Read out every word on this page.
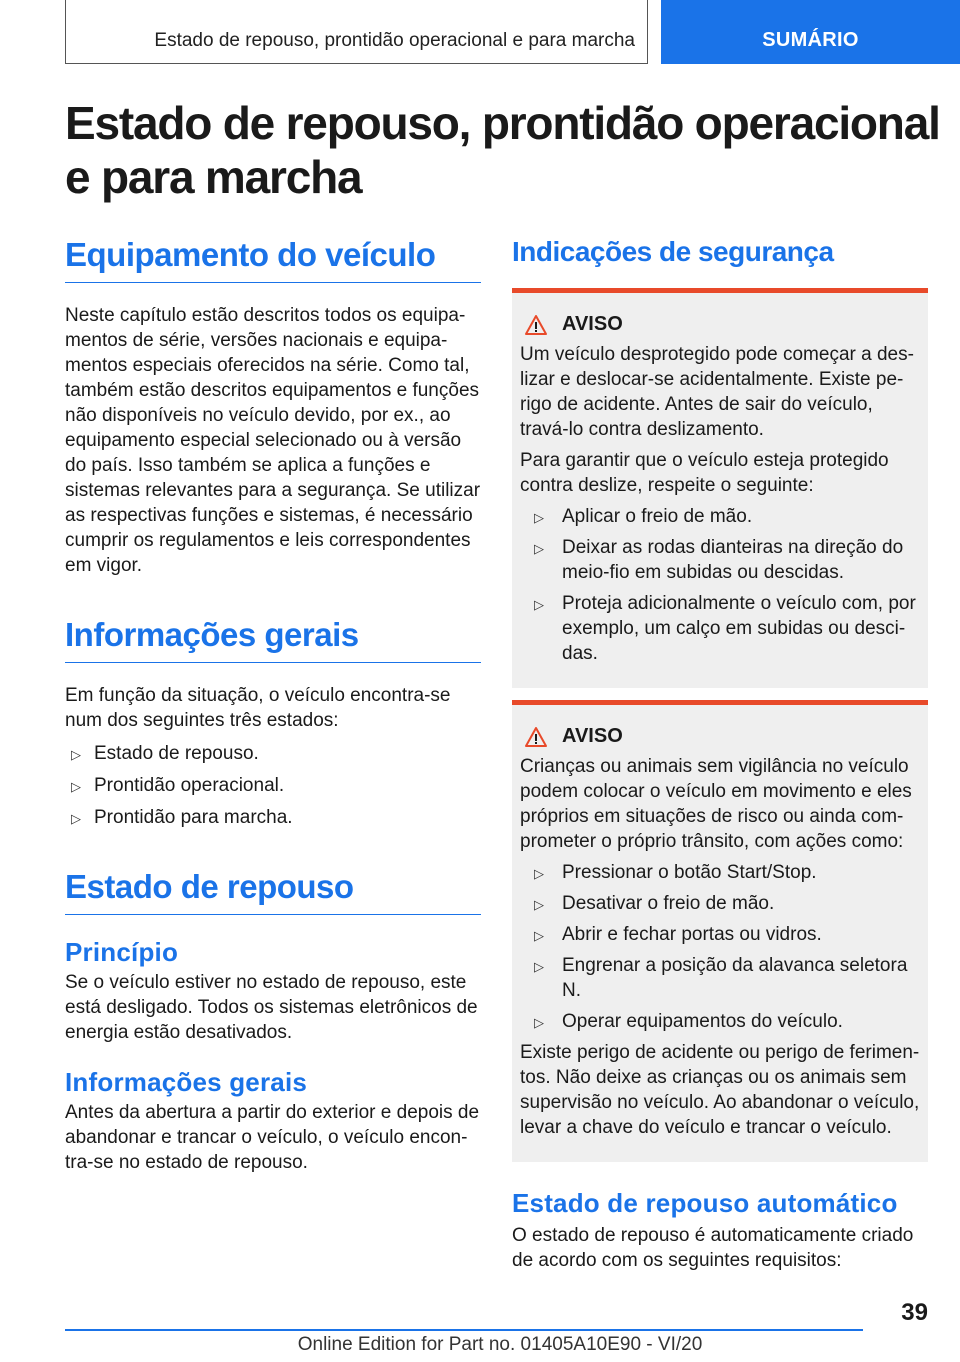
Estado de repouso, prontidão operacional e para marcha	SUMÁRIO
Estado de repouso, prontidão operacional e para marcha
Equipamento do veículo

Neste capítulo estão descritos todos os equipamentos de série, versões nacionais e equipamentos especiais oferecidos na série. Como tal, também estão descritos equipamentos e funções não disponíveis no veículo devido, por ex., ao equipamento especial selecionado ou à versão do país. Isso também se aplica a funções e sistemas relevantes para a segurança. Se utilizar as respectivas funções e sistemas, é necessário cumprir os regulamentos e leis correspondentes em vigor.

Informações gerais

Em função da situação, o veículo encontra-se num dos seguintes três estados:

▷ Estado de repouso.
▷ Prontidão operacional.
▷ Prontidão para marcha.
Estado de repouso
Princípio

Se o veículo estiver no estado de repouso, este está desligado. Todos os sistemas eletrônicos de energia estão desativados.

Informações gerais

Antes da abertura a partir do exterior e depois de abandonar e trancar o veículo, o veículo encontra-se no estado de repouso.

Indicações de segurança
AVISO

Um veículo desprotegido pode começar a deslizar e deslocar-se acidentalmente. Existe perigo de acidente. Antes de sair do veículo, travá-lo contra deslizamento.

Para garantir que o veículo esteja protegido contra deslize, respeite o seguinte:

▷ Aplicar o freio de mão.
▷ Deixar as rodas dianteiras na direção do meio-fio em subidas ou descidas.
▷ Proteja adicionalmente o veículo com, por exemplo, um calço em subidas ou descidas.
AVISO

Crianças ou animais sem vigilância no veículo podem colocar o veículo em movimento e eles próprios em situações de risco ou ainda comprometer o próprio trânsito, com ações como:

▷ Pressionar o botão Start/Stop.
▷ Desativar o freio de mão.
▷ Abrir e fechar portas ou vidros.
▷ Engrenar a posição da alavanca seletora N.
▷ Operar equipamentos do veículo.

Existe perigo de acidente ou perigo de ferimentos. Não deixe as crianças ou os animais sem supervisão no veículo. Ao abandonar o veículo, levar a chave do veículo e trancar o veículo.

Estado de repouso automático

O estado de repouso é automaticamente criado de acordo com os seguintes requisitos:

39
Online Edition for Part no. 01405A10E90 - VI/20
